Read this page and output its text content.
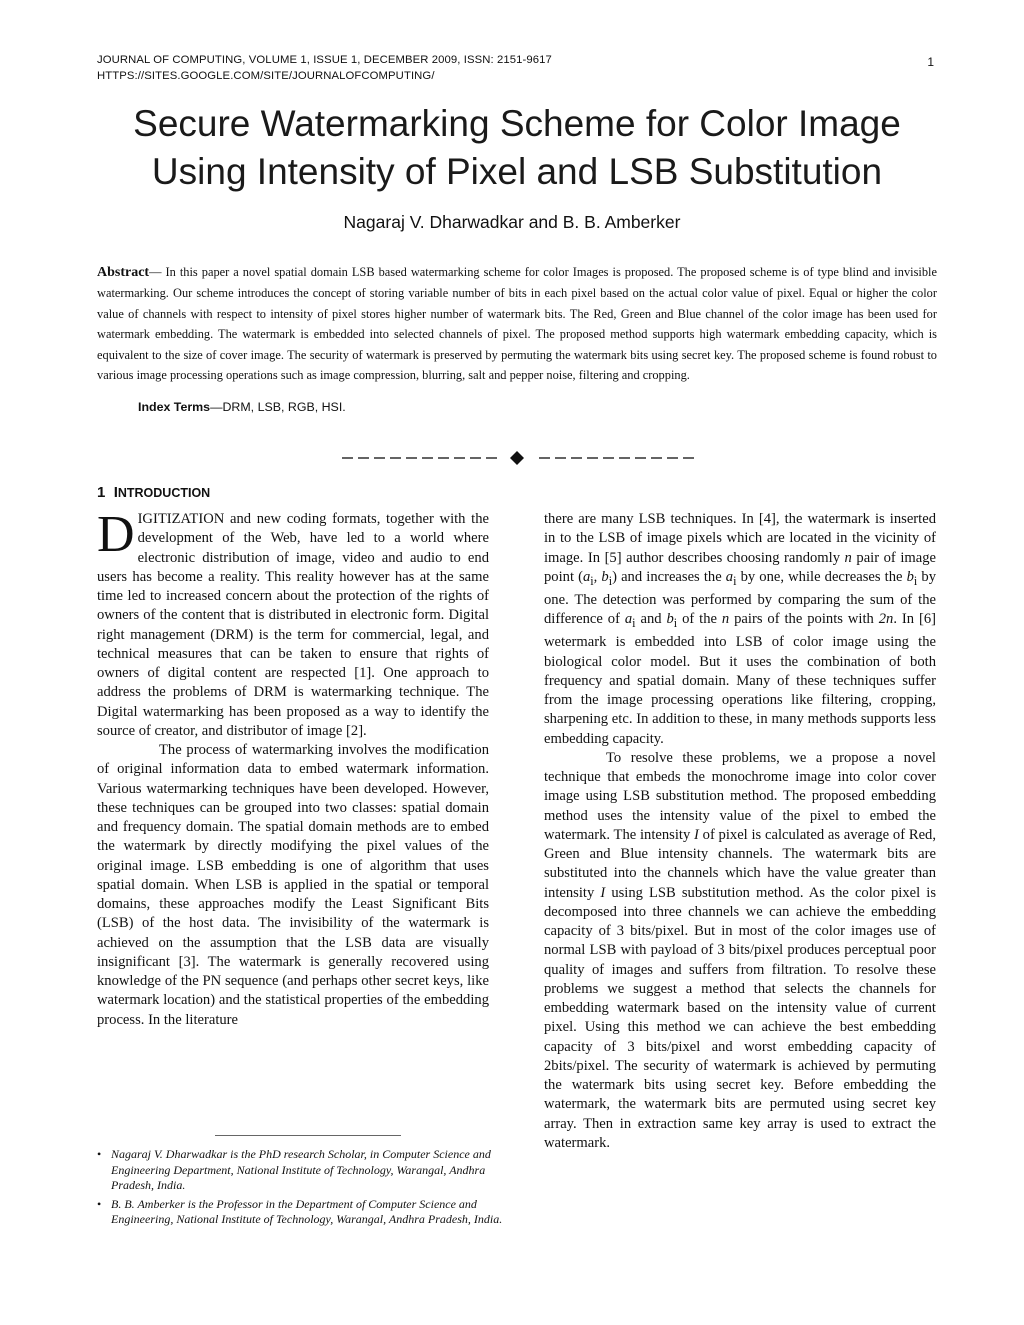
JOURNAL OF COMPUTING, VOLUME 1, ISSUE 1, DECEMBER 2009, ISSN: 2151-9617
HTTPS://SITES.GOOGLE.COM/SITE/JOURNALOFCOMPUTING/
1
Secure Watermarking Scheme for Color Image
Using Intensity of Pixel and LSB Substitution
Nagaraj V. Dharwadkar and B. B. Amberker
Abstract— In this paper a novel spatial domain LSB based watermarking scheme for color Images is proposed. The proposed scheme is of type blind and invisible watermarking. Our scheme introduces the concept of storing variable number of bits in each pixel based on the actual color value of pixel. Equal or higher the color value of channels with respect to intensity of pixel stores higher number of watermark bits. The Red, Green and Blue channel of the color image has been used for watermark embedding. The watermark is embedded into selected channels of pixel. The proposed method supports high watermark embedding capacity, which is equivalent to the size of cover image. The security of watermark is preserved by permuting the watermark bits using secret key. The proposed scheme is found robust to various image processing operations such as image compression, blurring, salt and pepper noise, filtering and cropping.
Index Terms—DRM, LSB, RGB, HSI.
1 INTRODUCTION

DIGITIZATION and new coding formats, together with the development of the Web, have led to a world where electronic distribution of image, video and audio to end users has become a reality. This reality however has at the same time led to increased concern about the protection of the rights of owners of the content that is distributed in electronic form. Digital right management (DRM) is the term for commercial, legal, and technical measures that can be taken to ensure that rights of owners of digital content are respected [1]. One approach to address the problems of DRM is watermarking technique. The Digital watermarking has been proposed as a way to identify the source of creator, and distributor of image [2].

The process of watermarking involves the modification of original information data to embed watermark information. Various watermarking techniques have been developed. However, these techniques can be grouped into two classes: spatial domain and frequency domain. The spatial domain methods are to embed the watermark by directly modifying the pixel values of the original image. LSB embedding is one of algorithm that uses spatial domain. When LSB is applied in the spatial or temporal domains, these approaches modify the Least Significant Bits (LSB) of the host data. The invisibility of the watermark is achieved on the assumption that the LSB data are visually insignificant [3]. The watermark is generally recovered using knowledge of the PN sequence (and perhaps other secret keys, like watermark location) and the statistical properties of the embedding process. In the literature

there are many LSB techniques. In [4], the watermark is inserted in to the LSB of image pixels which are located in the vicinity of image. In [5] author describes choosing randomly n pair of image point ($a_i$, $b_i$) and increases the $a_i$ by one, while decreases the $b_i$ by one. The detection was performed by comparing the sum of the difference of $a_i$ and $b_i$ of the n pairs of the points with 2n. In [6] wetermark is embedded into LSB of color image using the biological color model. But it uses the combination of both frequency and spatial domain. Many of these techniques suffer from the image processing operations like filtering, cropping, sharpening etc. In addition to these, in many methods supports less embedding capacity.

To resolve these problems, we a propose a novel technique that embeds the monochrome image into color cover image using LSB substitution method. The proposed embedding method uses the intensity value of the pixel to embed the watermark. The intensity I of pixel is calculated as average of Red, Green and Blue intensity channels. The watermark bits are substituted into the channels which have the value greater than intensity I using LSB substitution method. As the color pixel is decomposed into three channels we can achieve the embedding capacity of 3 bits/pixel. But in most of the color images use of normal LSB with payload of 3 bits/pixel produces perceptual poor quality of images and suffers from filtration. To resolve these problems we suggest a method that selects the channels for embedding watermark based on the intensity value of current pixel. Using this method we can achieve the best embedding capacity of 3 bits/pixel and worst embedding capacity of 2bits/pixel. The security of watermark is achieved by permuting the watermark bits using secret key. Before embedding the watermark, the watermark bits are permuted using secret key array. Then in extraction same key array is used to extract the watermark.

• Nagaraj V. Dharwadkar is the PhD research Scholar, in Computer Science and Engineering Department, National Institute of Technology, Warangal, Andhra Pradesh, India.
• B. B. Amberker is the Professor in the Department of Computer Science and Engineering, National Institute of Technology, Warangal, Andhra Pradesh, India.
